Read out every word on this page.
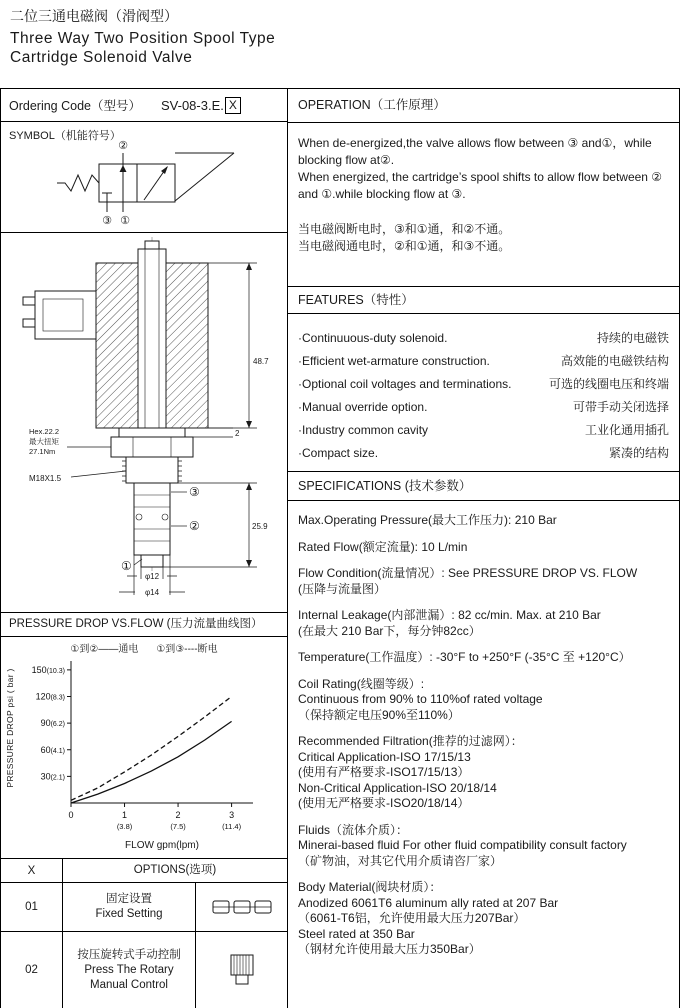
二位三通电磁阀（滑阀型）
Three Way Two Position Spool Type
Cartridge Solenoid Valve
Ordering Code（型号） SV-08-3.E. X
SYMBOL（机能符号）
②
③ ①
Hex.22.2
最大扭矩
27.1Nm
M18X1.5
48.7
2
25.9
φ12
φ14
③
②
①
PRESSURE DROP VS.FLOW (压力流量曲线图）
①到②——通电 ①到③----断电
PRESSURE DROP psi ( bar )	30(2.1)
60(4.1)
90(6.2)
120(8.3)
150(10.3)
0	1
(3.8)
2
(7.5)
3
(11.4)
FLOW gpm(lpm)
X	OPTIONS(选项)
01
固定设置
Fixed Setting
02
按压旋转式手动控制
Press The Rotary
Manual Control
OPERATION（工作原理）
When de-energized,the valve allows flow between ③ and①，while blocking flow at②.
When energized, the cartridge’s spool shifts to allow flow between ② and ①.while blocking flow at ③.
当电磁阀断电时，③和①通，和②不通。
当电磁阀通电时，②和①通，和③不通。
FEATURES（特性）
·Continuuous-duty solenoid.	持续的电磁铁
·Efficient wet-armature construction.	高效能的电磁铁结构
·Optional coil voltages and terminations.	可选的线圈电压和终端
·Manual override option.	可带手动关闭选择
·Industry common cavity	工业化通用插孔
·Compact size.	紧凑的结构
SPECIFICATIONS (技术参数）
Max.Operating Pressure(最大工作压力): 210 Bar
Rated Flow(额定流量): 10 L/min
Flow Condition(流量情况）: See PRESSURE DROP VS. FLOW
(压降与流量图）
Internal Leakage(内部泄漏）: 82 cc/min. Max. at 210 Bar
(在最大 210 Bar下，每分钟82cc）
Temperature(工作温度）: -30°F to +250°F (-35°C 至 +120°C）
Coil Rating(线圈等级）:
Continuous from 90% to 110%of rated voltage
（保持额定电压90%至110%）
Recommended Filtration(推荐的过滤网）：
Critical Application-ISO 17/15/13
(使用有严格要求-ISO17/15/13）
Non-Critical Application-ISO 20/18/14
(使用无严格要求-ISO20/18/14）
Fluids（流体介质）：
Minerai-based fluid For other fluid compatibility consult factory
（矿物油，对其它代用介质请咨厂家）
Body Material(阀块材质）：
Anodized 6061T6 aluminum ally rated at 207 Bar
（6061-T6铝，允许使用最大压力207Bar）
Steel rated at 350 Bar
（钢材允许使用最大压力350Bar）
